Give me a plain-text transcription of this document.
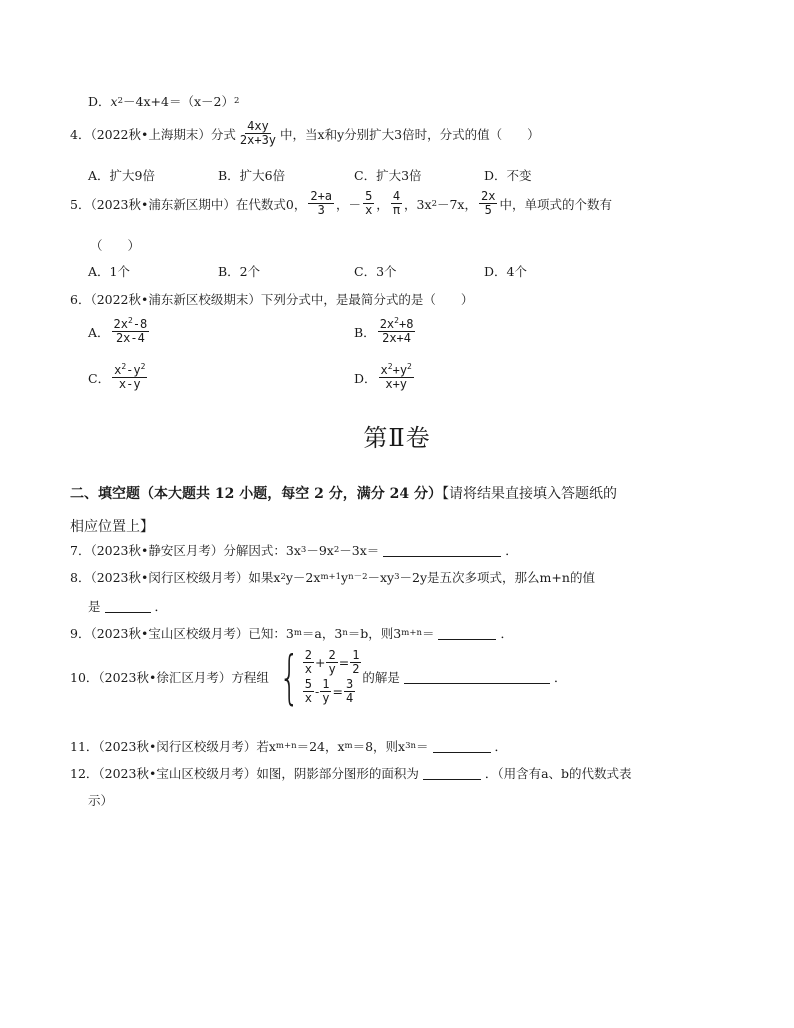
D． x 2 －4x+4＝（x－2） 2
4．（2022秋•上海期末）分式 $\frac{4xy}{2x+3y}$ 中，当x和y分别扩大3倍时，分式的值（　　）
A．扩大9倍	B．扩大6倍	C．扩大3倍	D．不变
5．（2023秋•浦东新区期中）在代数式0， $\frac{2+a}{3}$ ， － $\frac{5}{x}$ ， $\frac{4}{\pi}$ ，3x 2 －7x， $\frac{2x}{5}$ 中，单项式的个数有
（　　）
A．1个	B．2个	C．3个	D．4个
6．（2022秋•浦东新区校级期末）下列分式中，是最简分式的是（　　）
A． $\frac{2x^2-8}{2x-4}$	B． $\frac{2x^2+8}{2x+4}$
C． $\frac{x^2-y^2}{x-y}$	D． $\frac{x^2+y^2}{x+y}$
第Ⅱ卷
二、填空题（本大题共 12 小题，每空 2 分，满分 24 分）【请将结果直接填入答题纸的
相应位置上】
7．（2023秋•静安区月考）分解因式：3x 3 －9x 2 －3x＝	．
8．（2023秋•闵行区校级月考）如果x 2 y－2x m+1 y n－2 －xy 3 －2y是五次多项式，那么m+n的值
是	．
9．（2023秋•宝山区校级月考）已知：3 m ＝a，3 n ＝b，则3 m+n ＝	．
10．（2023秋•徐汇区月考）方程组 { $\frac{2}{x} + \frac{2}{y} = \frac{1}{2}$
$\frac{5}{x} - \frac{1}{y} = \frac{3}{4}$
的解是	．
11．（2023秋•闵行区校级月考）若x m+n ＝24，x m ＝8，则x 3n ＝	．
12．（2023秋•宝山区校级月考）如图，阴影部分图形的面积为	．（用含有a、b的代数式表
示）
